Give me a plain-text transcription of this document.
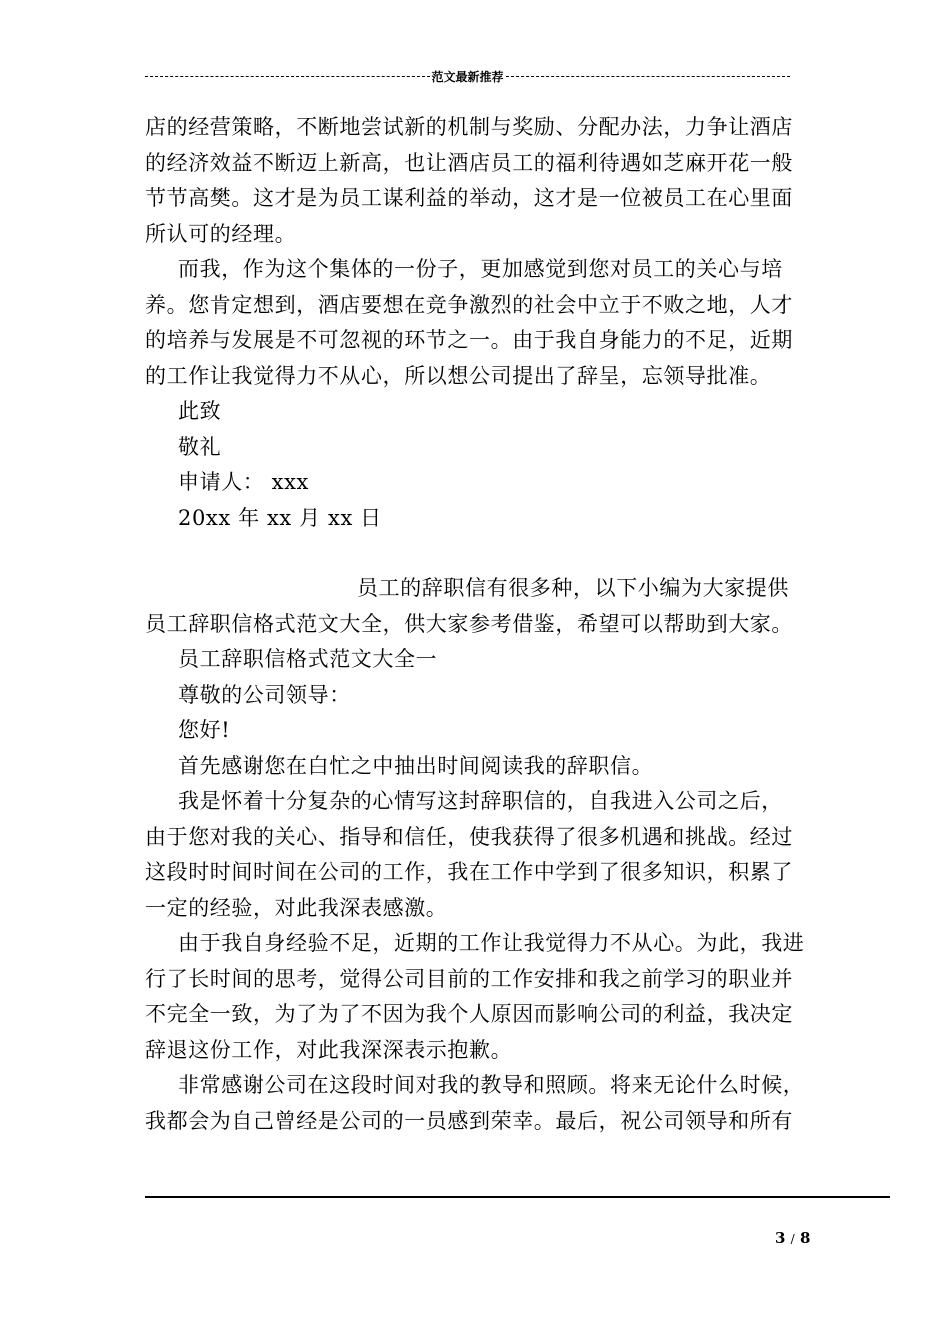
范文最新推荐

店的经营策略，不断地尝试新的机制与奖励、分配办法，力争让酒店

的经济效益不断迈上新高，也让酒店员工的福利待遇如芝麻开花一般

节节高樊。这才是为员工谋利益的举动，这才是一位被员工在心里面

所认可的经理。

而我，作为这个集体的一份子，更加感觉到您对员工的关心与培

养。您肯定想到，酒店要想在竞争激烈的社会中立于不败之地，人才

的培养与发展是不可忽视的环节之一。由于我自身能力的不足，近期

的工作让我觉得力不从心，所以想公司提出了辞呈，忘领导批准。

此致

敬礼

申请人： xxx

20xx 年 xx 月 xx 日

员工的辞职信有很多种，以下小编为大家提供

员工辞职信格式范文大全，供大家参考借鉴，希望可以帮助到大家。

员工辞职信格式范文大全一

尊敬的公司领导：

您好!

首先感谢您在白忙之中抽出时间阅读我的辞职信。

我是怀着十分复杂的心情写这封辞职信的，自我进入公司之后，

由于您对我的关心、指导和信任，使我获得了很多机遇和挑战。经过

这段时时间时间在公司的工作，我在工作中学到了很多知识，积累了

一定的经验，对此我深表感激。

由于我自身经验不足，近期的工作让我觉得力不从心。为此，我进

行了长时间的思考，觉得公司目前的工作安排和我之前学习的职业并

不完全一致，为了为了不因为我个人原因而影响公司的利益，我决定

辞退这份工作，对此我深深表示抱歉。

非常感谢公司在这段时间对我的教导和照顾。将来无论什么时候，

我都会为自己曾经是公司的一员感到荣幸。最后，祝公司领导和所有

3 / 8
